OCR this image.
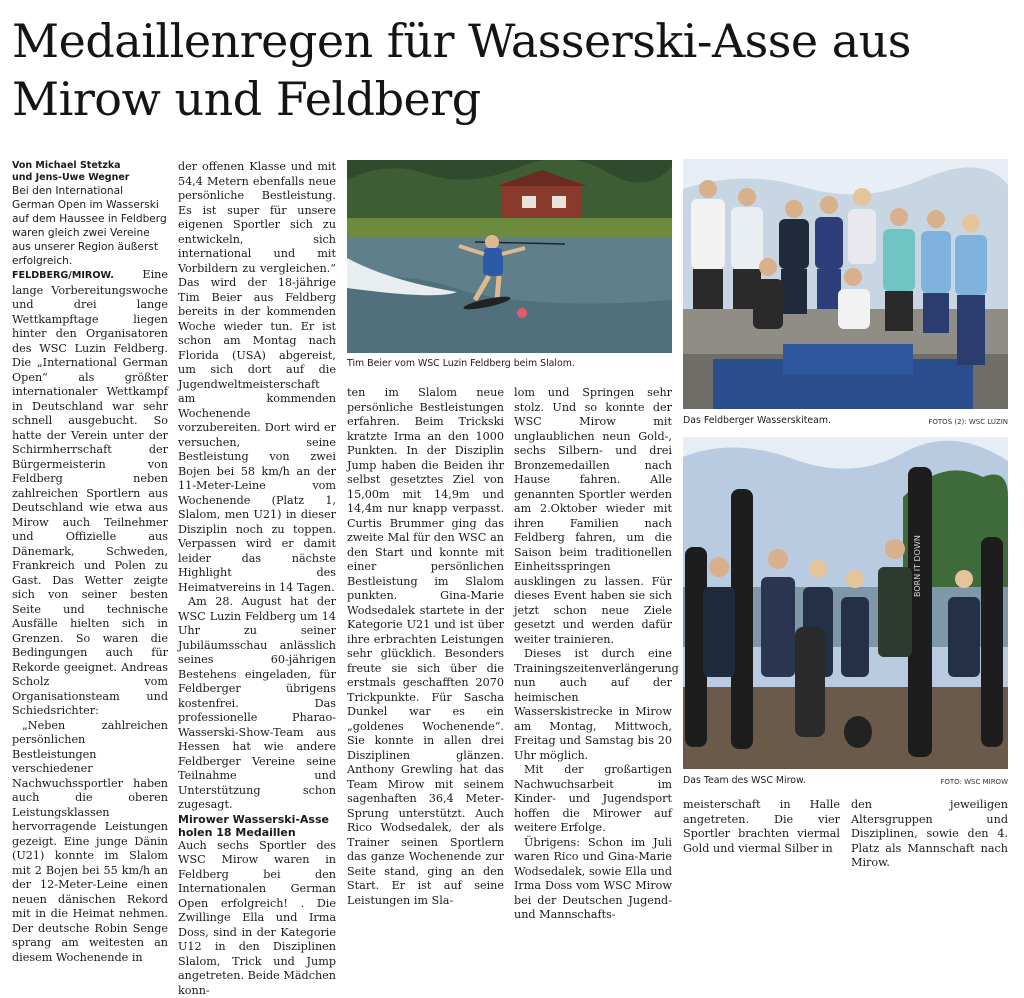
Medaillenregen für Wasserski-Asse aus Mirow und Feldberg

Von Michael Stetzka
und Jens-Uwe Wegner

Bei den International German Open im Wasserski auf dem Haussee in Feldberg waren gleich zwei Vereine aus unserer Region äußerst erfolgreich.

FELDBERG/MIROW.	Eine lange Vorbereitungswoche und drei lange Wettkampftage liegen hinter den Organisatoren des WSC Luzin Feldberg. Die „International German Open“ als größter internationaler Wettkampf in Deutschland war sehr schnell ausgebucht. So hatte der Verein unter der Schirmherrschaft der Bürgermeisterin von Feldberg neben zahlreichen Sportlern aus Deutschland wie etwa aus Mirow auch Teilnehmer und Offizielle aus Dänemark, Schweden, Frankreich und Polen zu Gast. Das Wetter zeigte sich von seiner besten Seite und technische Ausfälle hielten sich in Grenzen. So waren die Bedingungen auch für Rekorde geeignet. Andreas Scholz vom Organisationsteam und Schiedsrichter:

„Neben zahlreichen persönlichen Bestleistungen verschiedener Nachwuchssportler haben auch die oberen Leistungsklassen hervorragende Leistungen gezeigt. Eine junge Dänin (U21) konnte im Slalom mit 2 Bojen bei 55 km/h an der 12-Meter-Leine einen neuen dänischen Rekord mit in die Heimat nehmen. Der deutsche Robin Senge sprang am weitesten an diesem Wochenende in

der offenen Klasse und mit 54,4 Metern ebenfalls neue persönliche Bestleistung. Es ist super für unsere eigenen Sportler sich zu entwickeln, sich international und mit Vorbildern zu vergleichen.“ Das wird der 18-jährige Tim Beier aus Feldberg bereits in der kommenden Woche wieder tun. Er ist schon am Montag nach Florida (USA) abgereist, um sich dort auf die Jugendweltmeisterschaft am kommenden Wochenende vorzubereiten. Dort wird er versuchen, seine Bestleistung von zwei Bojen bei 58 km/h an der 11-Meter-Leine vom Wochenende (Platz 1, Slalom, men U21) in dieser Disziplin noch zu toppen. Verpassen wird er damit leider das nächste Highlight des Heimatvereins in 14 Tagen.

Am 28. August hat der WSC Luzin Feldberg um 14 Uhr zu seiner Jubiläumsschau anlässlich seines 60-jährigen Bestehens eingeladen, für Feldberger übrigens kostenfrei. Das professionelle Pharao-Wasserski-Show-Team aus Hessen hat wie andere Feldberger Vereine seine Teilnahme und Unterstützung schon zugesagt.

Mirower Wasserski-Asse holen 18 Medaillen

Auch sechs Sportler des WSC Mirow waren in Feldberg bei den Internationalen German Open erfolgreich! . Die Zwillinge Ella und Irma Doss, sind in der Kategorie U12 in den Disziplinen Slalom, Trick und Jump angetreten. Beide Mädchen konn-

Tim Beier vom WSC Luzin Feldberg beim Slalom.

ten im Slalom neue persönliche Bestleistungen erfahren. Beim Trickski kratzte Irma an den 1000 Punkten. In der Disziplin Jump haben die Beiden ihr selbst gesetztes Ziel von 15,00m mit 14,9m und 14,4m nur knapp verpasst. Curtis Brummer ging das zweite Mal für den WSC an den Start und konnte mit einer persönlichen Bestleistung im Slalom punkten. Gina-Marie Wodsedalek startete in der Kategorie U21 und ist über ihre erbrachten Leistungen sehr glücklich. Besonders freute sie sich über die erstmals geschafften 2070 Trickpunkte. Für Sascha Dunkel war es ein „goldenes Wochenende“. Sie konnte in allen drei Disziplinen glänzen. Anthony Grewling hat das Team Mirow mit seinem sagenhaften 36,4 Meter-Sprung unterstützt. Auch Rico Wodsedalek, der als Trainer seinen Sportlern das ganze Wochenende zur Seite stand, ging an den Start. Er ist auf seine Leistungen im Sla-

lom und Springen sehr stolz. Und so konnte der WSC Mirow mit unglaublichen neun Gold-, sechs Silbern- und drei Bronzemedaillen nach Hause fahren. Alle genannten Sportler werden am 2.Oktober wieder mit ihren Familien nach Feldberg fahren, um die Saison beim traditionellen Einheitsspringen ausklingen zu lassen. Für dieses Event haben sie sich jetzt schon neue Ziele gesetzt und werden dafür weiter trainieren.

Dieses ist durch eine Trainingszeitenverlängerung nun auch auf der heimischen Wasserskistrecke in Mirow am Montag, Mittwoch, Freitag und Samstag bis 20 Uhr möglich.

Mit der großartigen Nachwuchsarbeit im Kinder- und Jugendsport hoffen die Mirower auf weitere Erfolge.

Übrigens: Schon im Juli waren Rico und Gina-Marie Wodsedalek, sowie Ella und Irma Doss vom WSC Mirow bei der Deutschen Jugend- und Mannschafts-

Das Feldberger Wasserskiteam.	FOTOS (2): WSC LUZIN
BORN IT DOWN
Das Team des WSC Mirow.	FOTO: WSC MIROW

meisterschaft in Halle angetreten. Die vier Sportler brachten viermal Gold und viermal Silber in

den jeweiligen Altersgruppen und Disziplinen, sowie den 4. Platz als Mannschaft nach Mirow.
